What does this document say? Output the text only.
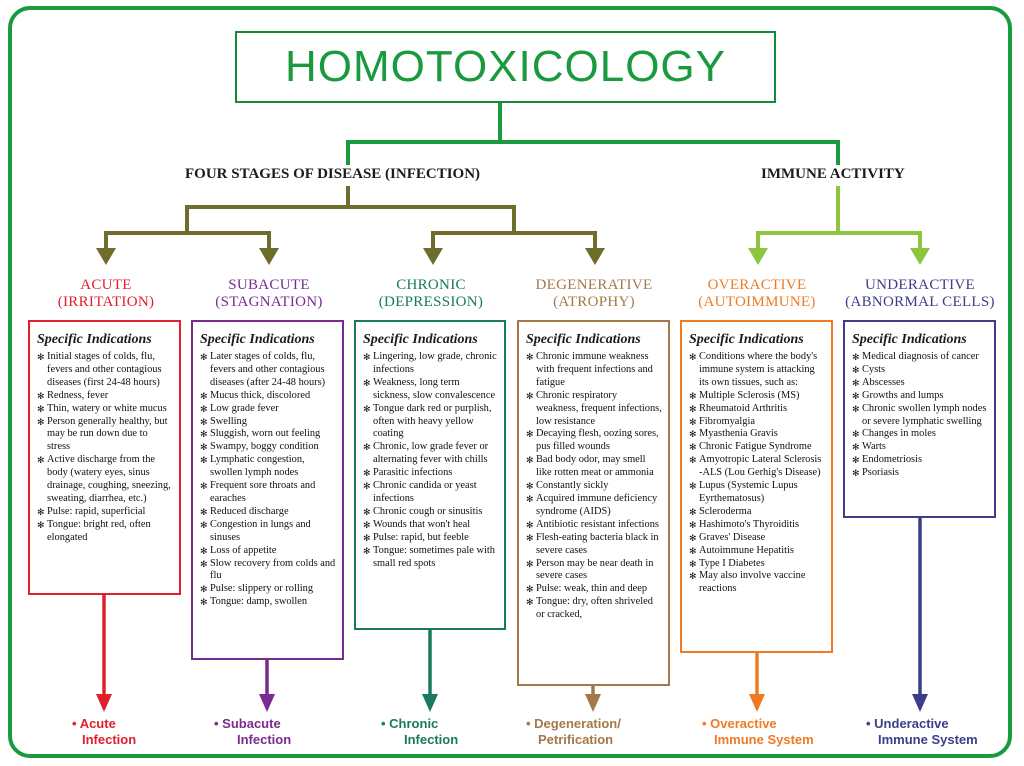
HOMOTOXICOLOGY
FOUR STAGES OF DISEASE (INFECTION)	IMMUNE ACTIVITY
ACUTE
(IRRITATION)
SUBACUTE
(STAGNATION)
CHRONIC
(DEPRESSION)
DEGENERATIVE
(ATROPHY)
OVERACTIVE
(AUTOIMMUNE)
UNDERACTIVE
(ABNORMAL CELLS)
Specific Indications
✻ Initial stages of colds, flu, fevers and other contagious diseases (first 24-48 hours)
✻ Redness, fever
✻ Thin, watery or white mucus
✻ Person generally healthy, but may be run down due to stress
✻ Active discharge from the body (watery eyes, sinus drainage, coughing, sneezing, sweating, diarrhea, etc.)
✻ Pulse: rapid, superficial
✻ Tongue: bright red, often elongated
Specific Indications
✻ Later stages of colds, flu, fevers and other contagious diseases (after 24-48 hours)
✻ Mucus thick, discolored
✻ Low grade fever
✻ Swelling
✻ Sluggish, worn out feeling
✻ Swampy, boggy condition
✻ Lymphatic congestion, swollen lymph nodes
✻ Frequent sore throats and earaches
✻ Reduced discharge
✻ Congestion in lungs and sinuses
✻ Loss of appetite
✻ Slow recovery from colds and flu
✻ Pulse: slippery or rolling
✻ Tongue: damp, swollen
Specific Indications
✻ Lingering, low grade, chronic infections
✻ Weakness, long term sickness, slow convalescence
✻ Tongue dark red or purplish, often with heavy yellow coating
✻ Chronic, low grade fever or alternating fever with chills
✻ Parasitic infections
✻ Chronic candida or yeast infections
✻ Chronic cough or sinusitis
✻ Wounds that won't heal
✻ Pulse: rapid, but feeble
✻ Tongue: sometimes pale with small red spots
Specific Indications
✻ Chronic immune weakness with frequent infections and fatigue
✻ Chronic respiratory weakness, frequent infections, low resistance
✻ Decaying flesh, oozing sores, pus filled wounds
✻ Bad body odor, may smell like rotten meat or ammonia
✻ Constantly sickly
✻ Acquired immune deficiency syndrome (AIDS)
✻ Antibiotic resistant infections
✻ Flesh-eating bacteria black in severe cases
✻ Person may be near death in severe cases
✻ Pulse: weak, thin and deep
✻ Tongue: dry, often shriveled or cracked,
Specific Indications
✻ Conditions where the body's immune system is attacking its own tissues, such as:
✻ Multiple Sclerosis (MS)
✻ Rheumatoid Arthritis
✻ Fibromyalgia
✻ Myasthenia Gravis
✻ Chronic Fatigue Syndrome
✻ Amyotropic Lateral Sclerosis -ALS (Lou Gerhig's Disease)
✻ Lupus (Systemic Lupus Eyrthematosus)
✻ Scleroderma
✻ Hashimoto's Thyroiditis
✻ Graves' Disease
✻ Autoimmune Hepatitis
✻ Type I Diabetes
✻ May also involve vaccine reactions
Specific Indications
✻ Medical diagnosis of cancer
✻ Cysts
✻ Abscesses
✻ Growths and lumps
✻ Chronic swollen lymph nodes or severe lymphatic swelling
✻ Changes in moles
✻ Warts
✻ Endometriosis
✻ Psoriasis
• Acute
Infection
• Subacute
Infection
• Chronic
Infection
• Degeneration/
Petrification
• Overactive
Immune System
• Underactive
Immune System
